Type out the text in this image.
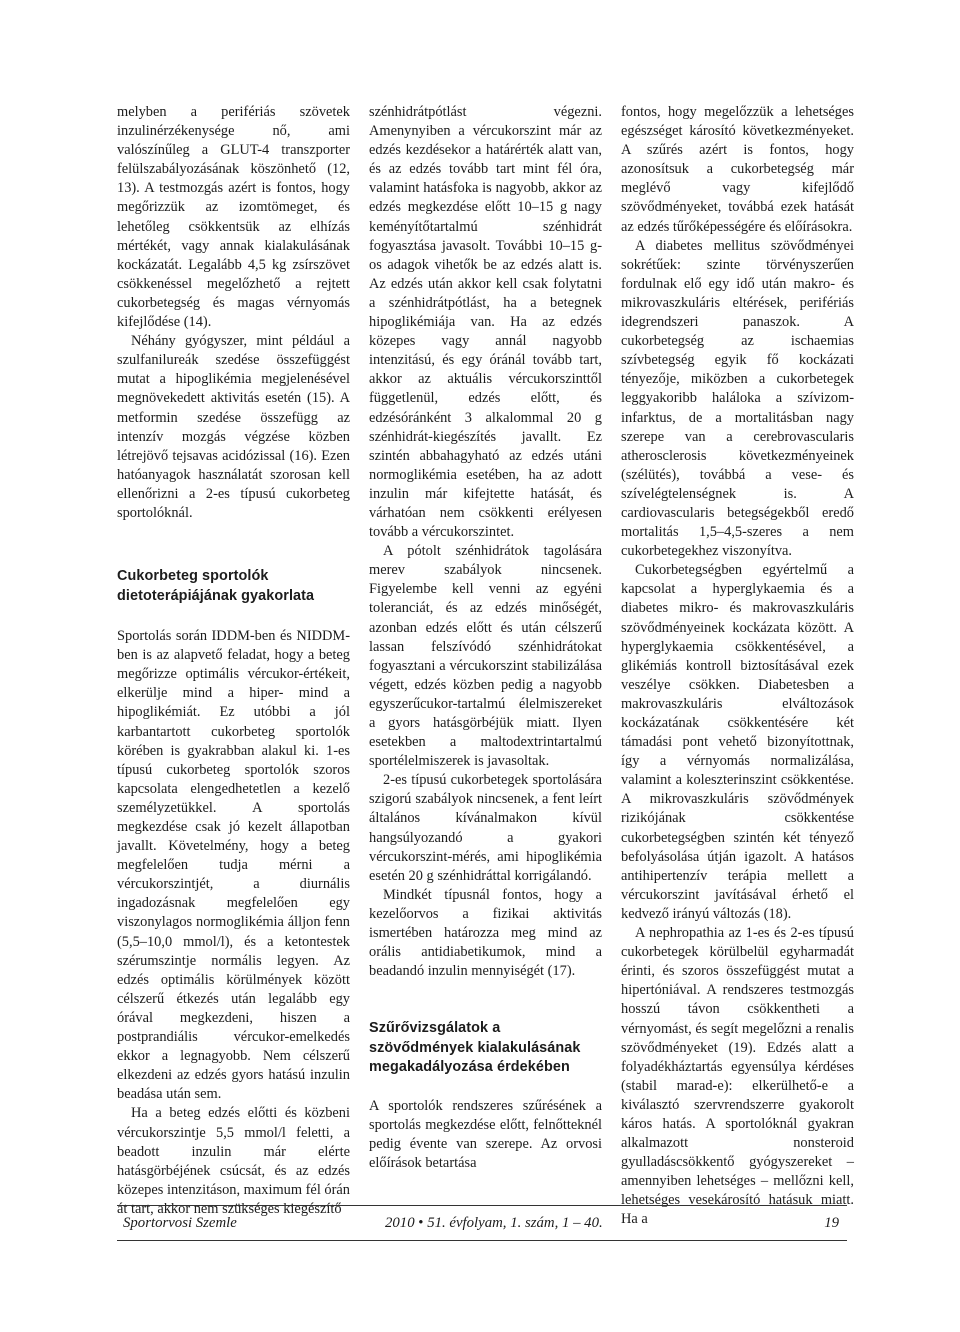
melyben a perifériás szövetek inzulinérzékenysége nő, ami valószínűleg a GLUT-4 transzporter felülszabályozásának köszönhető (12, 13). A testmozgás azért is fontos, hogy megőrizzük az izomtömeget, és lehetőleg csökkentsük az elhízás mértékét, vagy annak kialakulásának kockázatát. Legalább 4,5 kg zsírszövet csökkenéssel megelőzhető a rejtett cukorbetegség és magas vérnyomás kifejlődése (14).

Néhány gyógyszer, mint például a szulfanilureák szedése összefüggést mutat a hipoglikémia megjelenésével megnövekedett aktivitás esetén (15). A metformin szedése összefügg az intenzív mozgás végzése közben létrejövő tejsavas acidózissal (16). Ezen hatóanyagok használatát szorosan kell ellenőrizni a 2-es típusú cukorbeteg sportolóknál.

Cukorbeteg sportolók dietoterápiájának gyakorlata

Sportolás során IDDM-ben és NIDDM-ben is az alapvető feladat, hogy a beteg megőrizze optimális vércukor-értékeit, elkerülje mind a hiper- mind a hipoglikémiát. Ez utóbbi a jól karbantartott cukorbeteg sportolók körében is gyakrabban alakul ki. 1-es típusú cukorbeteg sportolók szoros kapcsolata elengedhetetlen a kezelő személyzetükkel. A sportolás megkezdése csak jó kezelt állapotban javallt. Követelmény, hogy a beteg megfelelően tudja mérni a vércukorszintjét, a diurnális ingadozásnak megfelelően egy viszonylagos normoglikémia álljon fenn (5,5–10,0 mmol/l), és a ketontestek szérumszintje normális legyen. Az edzés optimális körülmények között célszerű étkezés után legalább egy órával megkezdeni, hiszen a postprandiális vércukor-emelkedés ekkor a legnagyobb. Nem célszerű elkezdeni az edzés gyors hatású inzulin beadása után sem.

Ha a beteg edzés előtti és közbeni vércukorszintje 5,5 mmol/l feletti, a beadott inzulin már elérte hatásgörbéjének csúcsát, és az edzés közepes intenzitáson, maximum fél órán át tart, akkor nem szükséges kiegészítő

szénhidrátpótlást végezni. Amenynyiben a vércukorszint már az edzés kezdésekor a határérték alatt van, és az edzés tovább tart mint fél óra, valamint hatásfoka is nagyobb, akkor az edzés megkezdése előtt 10–15 g nagy keményítőtartalmú szénhidrát fogyasztása javasolt. További 10–15 g-os adagok vihetők be az edzés alatt is. Az edzés után akkor kell csak folytatni a szénhidrátpótlást, ha a betegnek hipoglikémiája van. Ha az edzés közepes vagy annál nagyobb intenzitású, és egy óránál tovább tart, akkor az aktuális vércukorszinttől függetlenül, edzés előtt, és edzésóránként 3 alkalommal 20 g szénhidrát-kiegészítés javallt. Ez szintén abbahagyható az edzés utáni normoglikémia esetében, ha az adott inzulin már kifejtette hatását, és várhatóan nem csökkenti erélyesen tovább a vércukorszintet.

A pótolt szénhidrátok tagolására merev szabályok nincsenek. Figyelembe kell venni az egyéni toleranciát, és az edzés minőségét, azonban edzés előtt és után célszerű lassan felszívódó szénhidrátokat fogyasztani a vércukorszint stabilizálása végett, edzés közben pedig a nagyobb egyszerűcukor-tartalmú élelmiszereket a gyors hatásgörbéjük miatt. Ilyen esetekben a maltodextrintartalmú sportélelmiszerek is javasoltak.

2-es típusú cukorbetegek sportolására szigorú szabályok nincsenek, a fent leírt általános kívánalmakon kívül hangsúlyozandó a gyakori vércukorszint-mérés, ami hipoglikémia esetén 20 g szénhidráttal korrigálandó.

Mindkét típusnál fontos, hogy a kezelőorvos a fizikai aktivitás ismertében határozza meg mind az orális antidiabetikumok, mind a beadandó inzulin mennyiségét (17).

Szűrővizsgálatok a szövődmények kialakulásának megakadályozása érdekében

A sportolók rendszeres szűrésének a sportolás megkezdése előtt, felnőtteknél pedig évente van szerepe. Az orvosi előírások betartása

fontos, hogy megelőzzük a lehetséges egészséget károsító következményeket. A szűrés azért is fontos, hogy azonosítsuk a cukorbetegség már meglévő vagy kifejlődő szövődményeket, továbbá ezek hatását az edzés tűrőképességére és előírásokra.

A diabetes mellitus szövődményei sokrétűek: szinte törvényszerűen fordulnak elő egy idő után makro- és mikrovaszkuláris eltérések, perifériás idegrendszeri panaszok. A cukorbetegség az ischaemias szívbetegség egyik fő kockázati tényezője, miközben a cukorbetegek leggyakoribb halálokа a szívizom-infarktus, de a mortalitásban nagy szerepe van a cerebrovascularis atherosclerosis következményeinek (szélütés), továbbá a vese- és szívelégtelenségnek is. A cardiovascularis betegségekből eredő mortalitás 1,5–4,5-szeres a nem cukorbetegekhez viszonyítva.

Cukorbetegségben egyértelmű a kapcsolat a hyperglykaemia és a diabetes mikro- és makrovaszkuláris szövődményeinek kockázata között. A hyperglykaemia csökkentésével, a glikémiás kontroll biztosításával ezek veszélye csökken. Diabetesben a makrovaszkuláris elváltozások kockázatának csökkentésére két támadási pont vehető bizonyítottnak, így a vérnyomás normalizálása, valamint a koleszterinszint csökkentése. A mikrovaszkuláris szövődmények rizikójának csökkentése cukorbetegségben szintén két tényező befolyásolása útján igazolt. A hatásos antihipertenzív terápia mellett a vércukorszint javításával érhető el kedvező irányú változás (18).

A nephropathia az 1-es és 2-es típusú cukorbetegek körülbelül egyharmadát érinti, és szoros összefüggést mutat a hipertóniával. A rendszeres testmozgás hosszú távon csökkentheti a vérnyomást, és segít megelőzni a renalis szövődményeket (19). Edzés alatt a folyadékháztartás egyensúlya kérdéses (stabil marad-e): elkerülhető-e a kiválasztó szervrendszerre gyakorolt káros hatás. A sportolóknál gyakran alkalmazott nonsteroid gyulladáscsökkentő gyógyszereket – amennyiben lehetséges – mellőzni kell, lehetséges vesekárosító hatásuk miatt. Ha a

Sportorvosi Szemle	2010 • 51. évfolyam, 1. szám, 1 – 40.	19
